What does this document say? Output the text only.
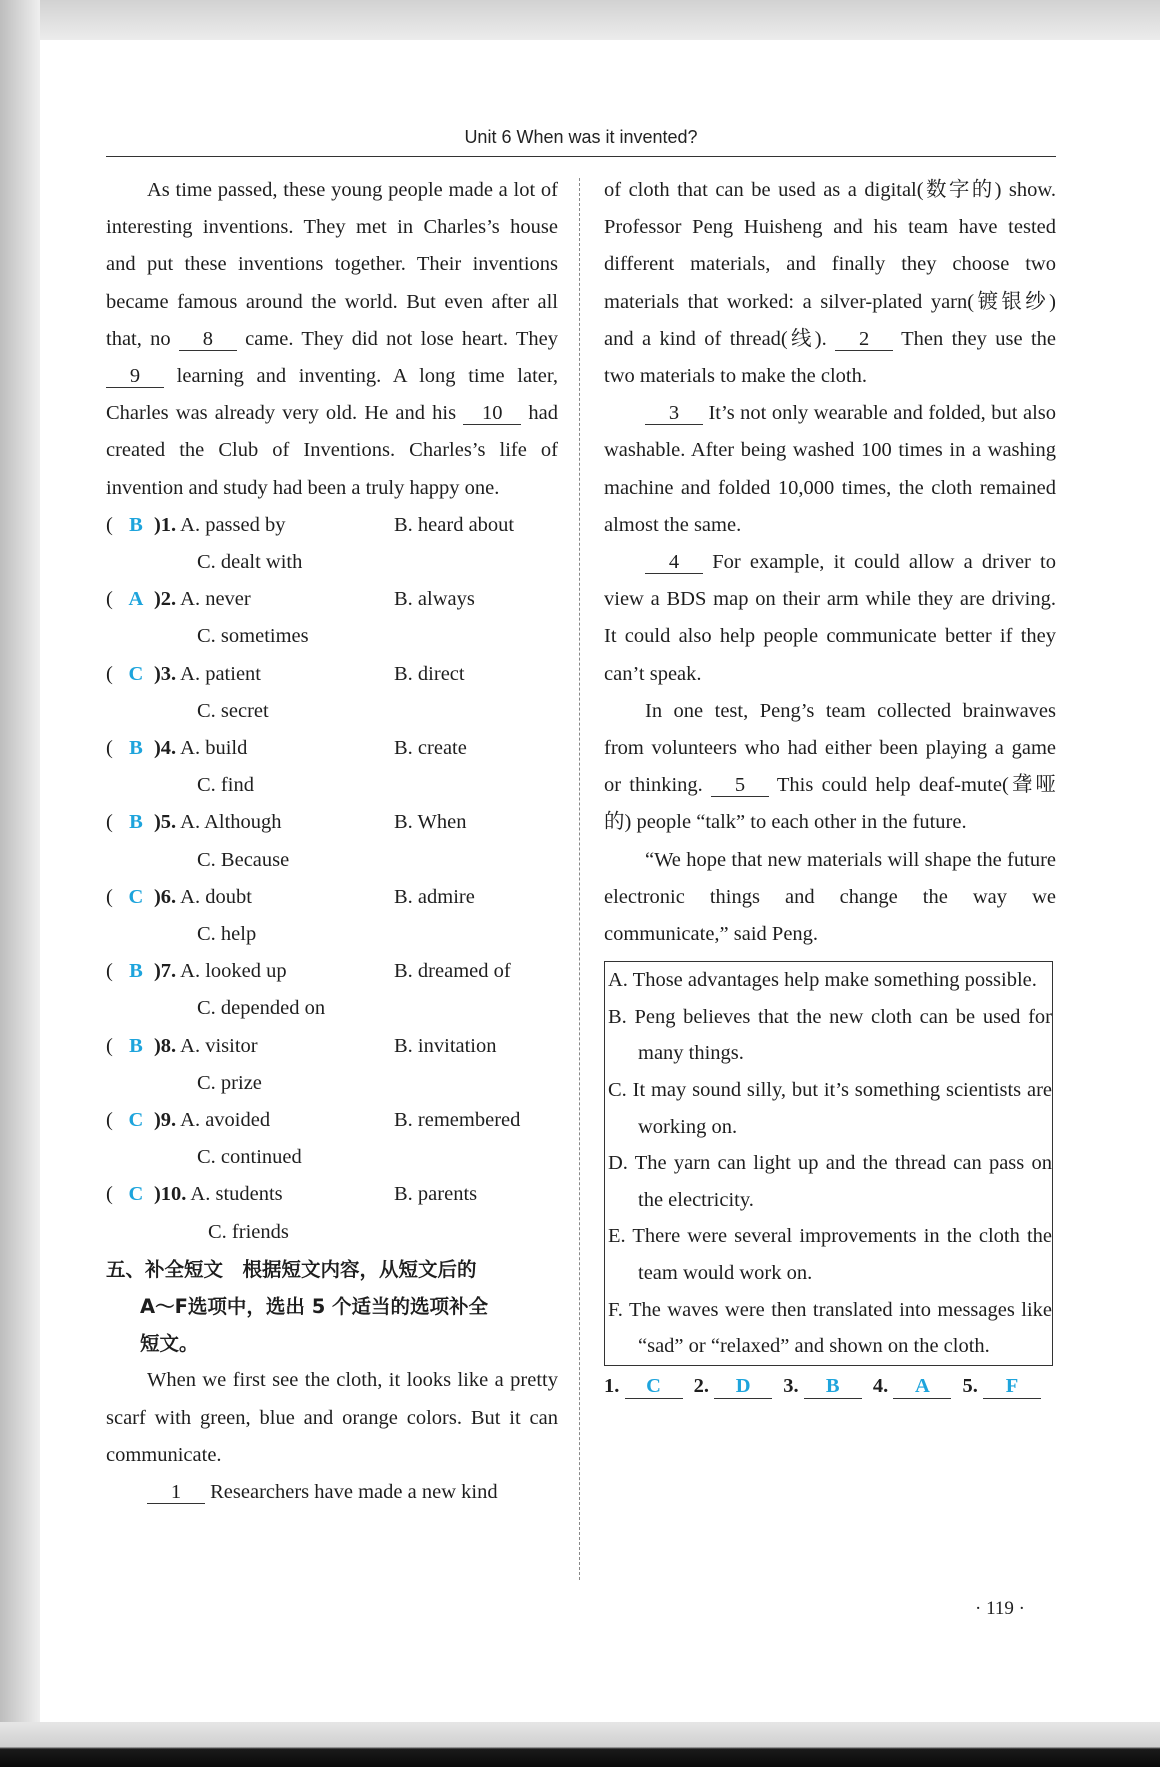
Unit 6 When was it invented?

As time passed, these young people made a lot of interesting inventions. They met in Charles’s house and put these inventions together. Their inventions became famous around the world. But even after all that, no 8 came. They did not lose heart. They 9 learning and inventing. A long time later, Charles was already very old. He and his 10 had created the Club of Inventions. Charles’s life of invention and study had been a truly happy one.

( B )1. A. passed by	B. heard about
C. dealt with
( A )2. A. never	B. always
C. sometimes
( C )3. A. patient	B. direct
C. secret
( B )4. A. build	B. create
C. find
( B )5. A. Although	B. When
C. Because
( C )6. A. doubt	B. admire
C. help
( B )7. A. looked up	B. dreamed of
C. depended on
( B )8. A. visitor	B. invitation
C. prize
( C )9. A. avoided	B. remembered
C. continued
( C )10. A. students	B. parents
C. friends

五、补全短文　根据短文内容，从短文后的
A～F选项中，选出 5 个适当的选项补全
短文。

When we first see the cloth, it looks like a pretty scarf with green, blue and orange colors. But it can communicate.

1 Researchers have made a new kind

of cloth that can be used as a digital(数字的) show. Professor Peng Huisheng and his team have tested different materials, and finally they choose two materials that worked: a silver-plated yarn(镀银纱) and a kind of thread(线). 2 Then they use the two materials to make the cloth.

3 It’s not only wearable and folded, but also washable. After being washed 100 times in a washing machine and folded 10,000 times, the cloth remained almost the same.

4 For example, it could allow a driver to view a BDS map on their arm while they are driving. It could also help people communicate better if they can’t speak.

In one test, Peng’s team collected brainwaves from volunteers who had either been playing a game or thinking. 5 This could help deaf-mute(聋哑的) people “talk” to each other in the future.

“We hope that new materials will shape the future electronic things and change the way we communicate,” said Peng.

A. Those advantages help make something possible.

B. Peng believes that the new cloth can be used for many things.

C. It may sound silly, but it’s something scientists are working on.

D. The yarn can light up and the thread can pass on the electricity.

E. There were several improvements in the cloth the team would work on.

F. The waves were then translated into messages like “sad” or “relaxed” and shown on the cloth.

1. C 2. D 3. B 4. A 5. F
· 119 ·
